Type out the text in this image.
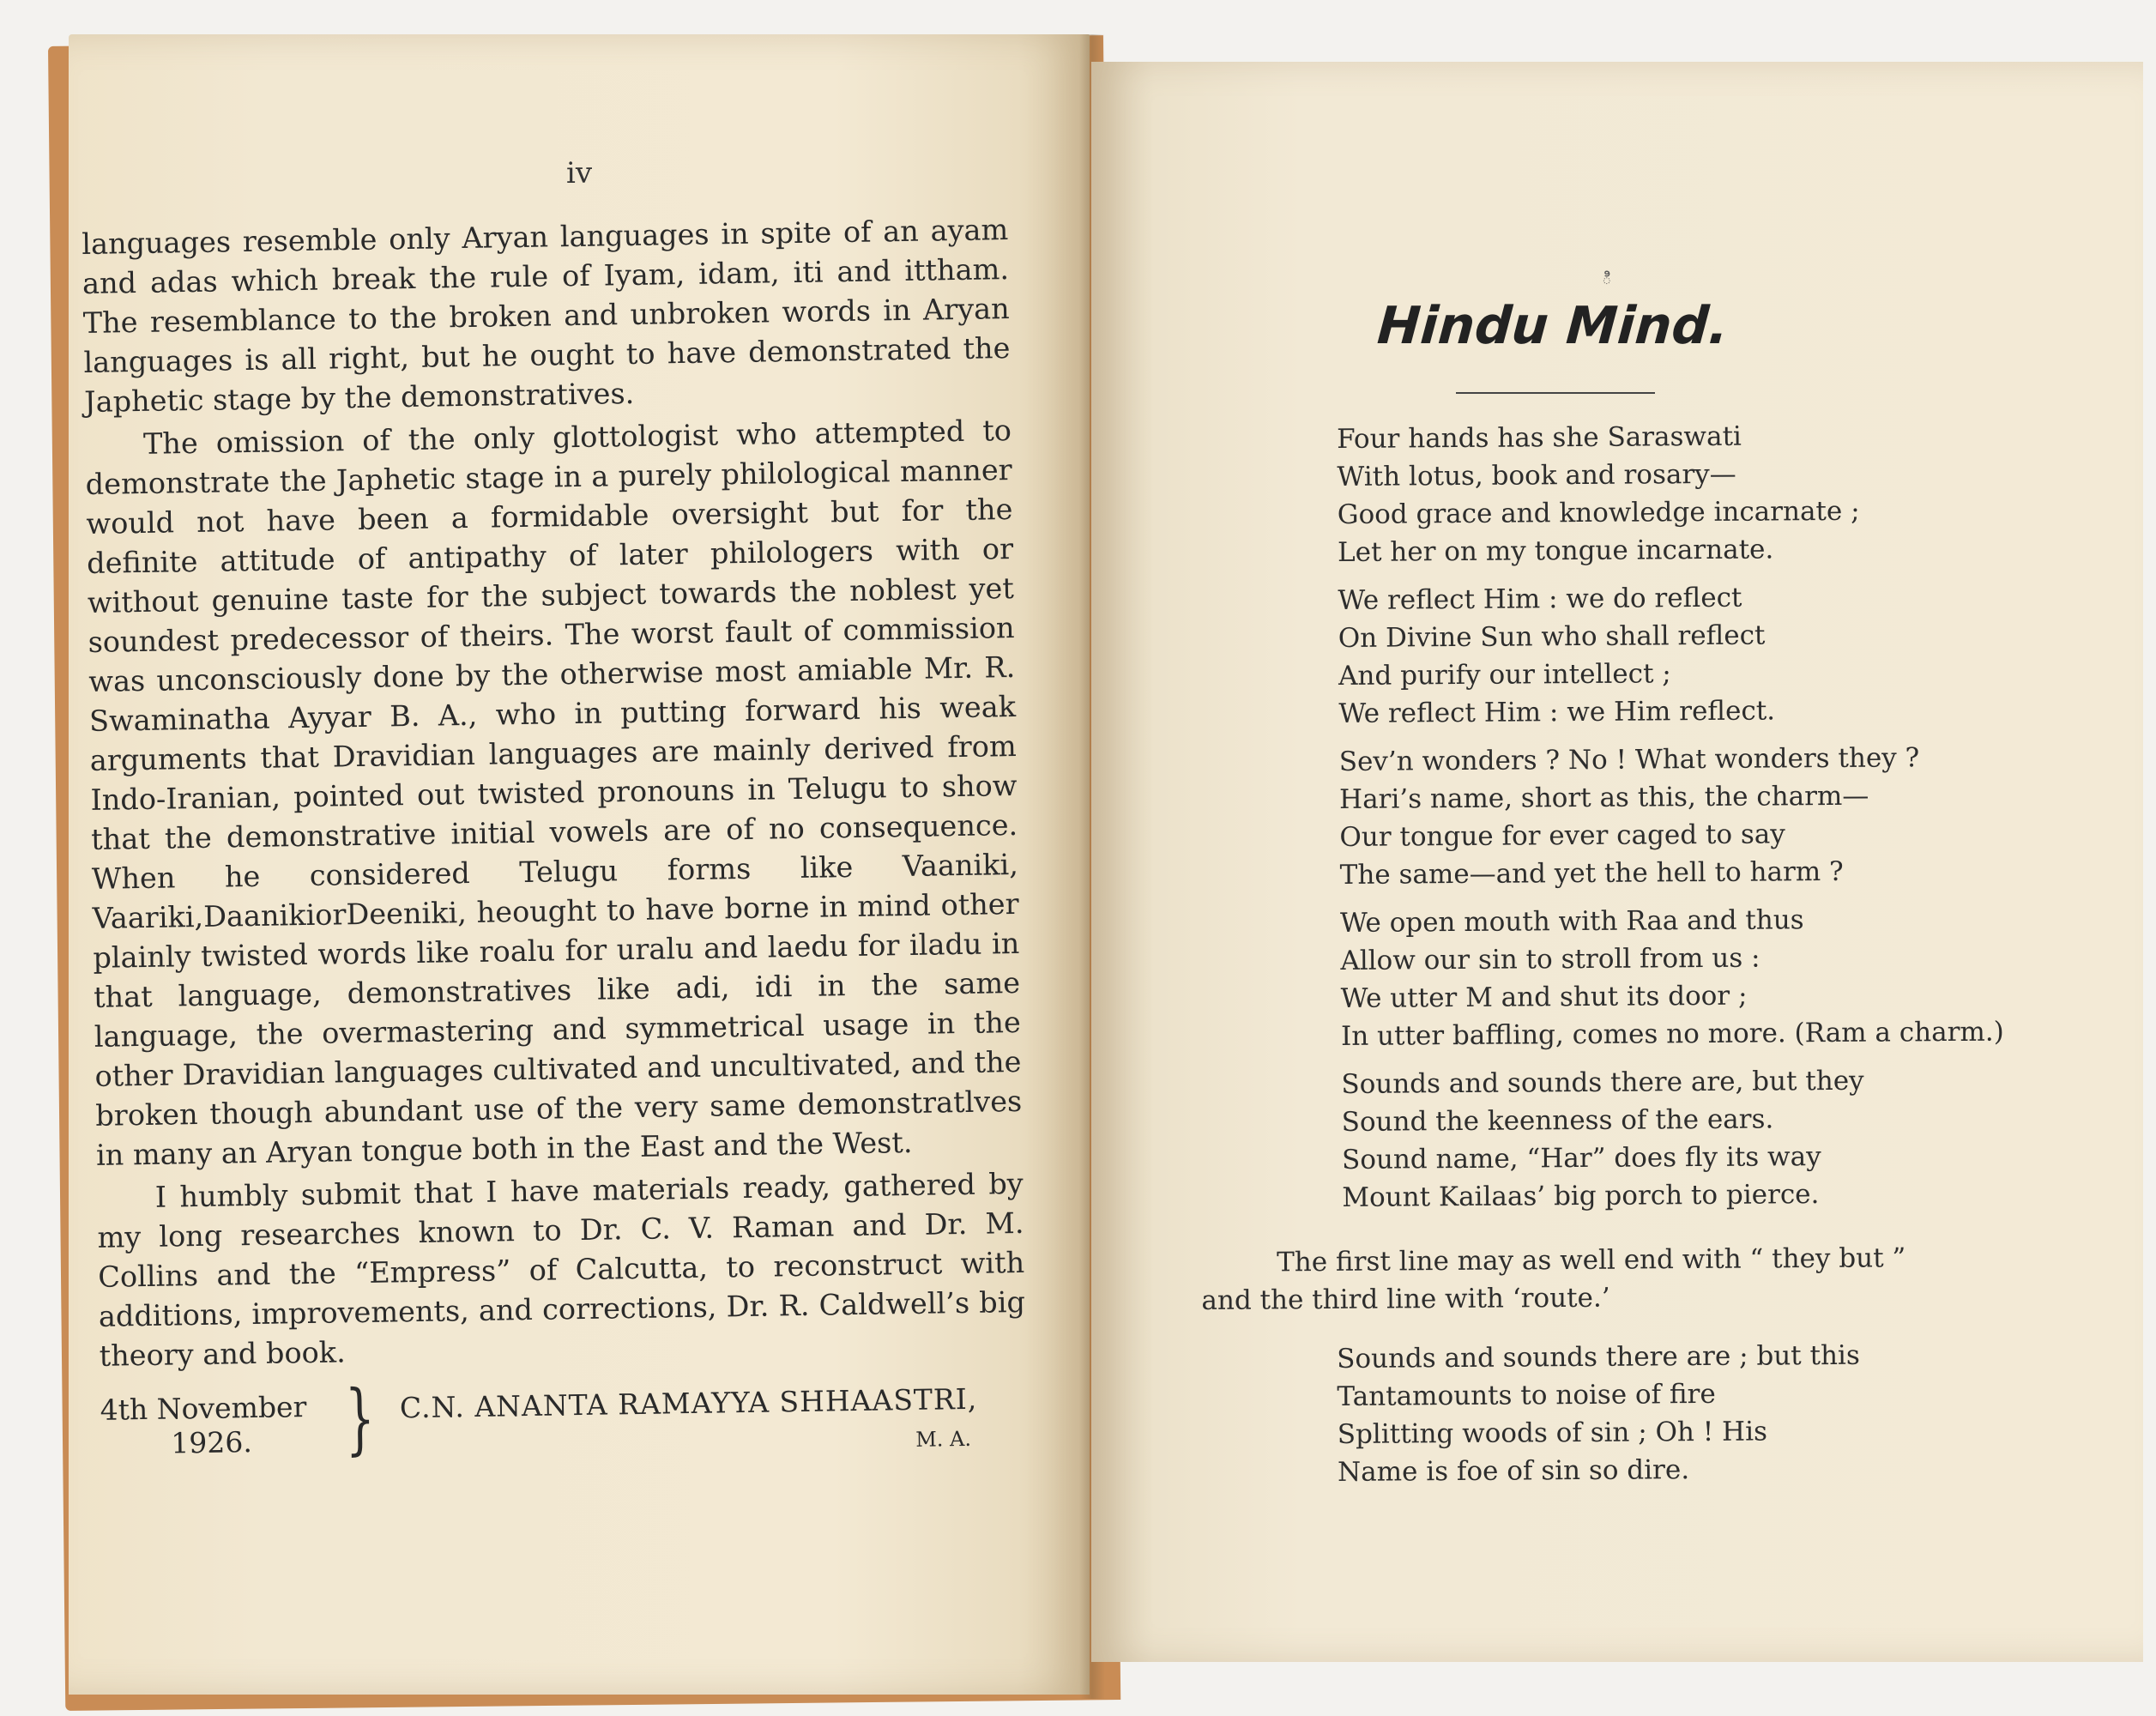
iv

languages resemble only Aryan languages in spite of an ayam and adas which break the rule of Iyam, idam, iti and ittham. The resemblance to the broken and unbroken words in Aryan languages is all right, but he ought to have demonstrated the Japhetic stage by the demonstratives.

The omission of the only glottologist who attempted to demonstrate the Japhetic stage in a purely philological manner would not have been a formidable oversight but for the definite attitude of antipathy of later philologers with or without genuine taste for the subject towards the noblest yet soundest predecessor of theirs. The worst fault of commission was unconsciously done by the otherwise most amiable Mr. R. Swaminatha Ayyar B. A., who in putting forward his weak arguments that Dravidian languages are mainly derived from Indo-Iranian, pointed out twisted pronouns in Telugu to show that the demonstrative initial vowels are of no consequence. When he considered Telugu forms like Vaaniki, Vaariki,DaanikiorDeeniki, heought to have borne in mind other plainly twisted words like roalu for uralu and laedu for iladu in that language, demonstratives like adi, idi in the same language, the overmastering and symmetrical usage in the other Dravidian languages cultivated and uncultivated, and the broken though abundant use of the very same demonstratlves in many an Aryan tongue both in the East and the West.

I humbly submit that I have materials ready, gathered by my long researches known to Dr. C. V. Raman and Dr. M. Collins and the “Empress” of Calcutta, to reconstruct with additions, improvements, and corrections, Dr. R. Caldwell’s big theory and book.

4th November
1926.	} C.N. ANANTA RAMAYYA SHHAASTRI,
M. A.
ి
Hindu Mind.
Four hands has she Saraswati
With lotus, book and rosary—
Good grace and knowledge incarnate ;
Let her on my tongue incarnate.
We reflect Him : we do reflect
On Divine Sun who shall reflect
And purify our intellect ;
We reflect Him : we Him reflect.
Sev’n wonders ? No ! What wonders they ?
Hari’s name, short as this, the charm—
Our tongue for ever caged to say
The same—and yet the hell to harm ?
We open mouth with Raa and thus
Allow our sin to stroll from us :
We utter M and shut its door ;
In utter baffling, comes no more. (Ram a charm.)
Sounds and sounds there are, but they
Sound the keenness of the ears.
Sound name, “Har” does fly its way
Mount Kailaas’ big porch to pierce.
The first line may as well end with “ they but ”
and the third line with ‘route.’
Sounds and sounds there are ; but this
Tantamounts to noise of fire
Splitting woods of sin ; Oh ! His
Name is foe of sin so dire.
